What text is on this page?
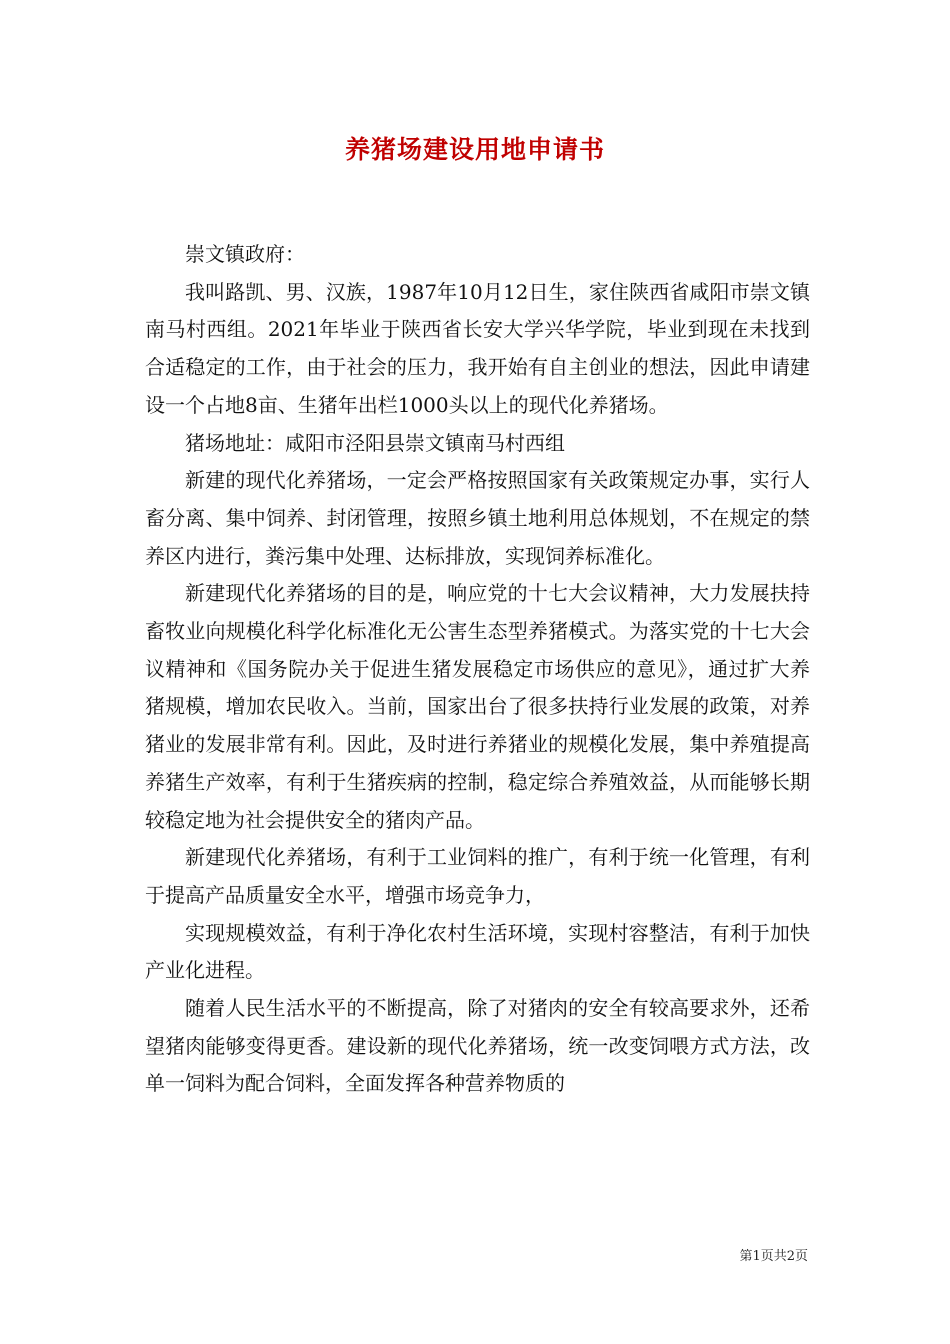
养猪场建设用地申请书

崇文镇政府：

我叫路凯、男、汉族，1987年10月12日生，家住陕西省咸阳市崇文镇南马村西组。2021年毕业于陕西省长安大学兴华学院，毕业到现在未找到合适稳定的工作，由于社会的压力，我开始有自主创业的想法，因此申请建设一个占地8亩、生猪年出栏1000头以上的现代化养猪场。

猪场地址：咸阳市泾阳县崇文镇南马村西组

新建的现代化养猪场，一定会严格按照国家有关政策规定办事，实行人畜分离、集中饲养、封闭管理，按照乡镇土地利用总体规划，不在规定的禁养区内进行，粪污集中处理、达标排放，实现饲养标准化。

新建现代化养猪场的目的是，响应党的十七大会议精神，大力发展扶持畜牧业向规模化科学化标准化无公害生态型养猪模式。为落实党的十七大会议精神和《国务院办关于促进生猪发展稳定市场供应的意见》，通过扩大养猪规模，增加农民收入。当前，国家出台了很多扶持行业发展的政策，对养猪业的发展非常有利。因此，及时进行养猪业的规模化发展，集中养殖提高养猪生产效率，有利于生猪疾病的控制，稳定综合养殖效益，从而能够长期较稳定地为社会提供安全的猪肉产品。

新建现代化养猪场，有利于工业饲料的推广，有利于统一化管理，有利于提高产品质量安全水平，增强市场竞争力，

实现规模效益，有利于净化农村生活环境，实现村容整洁，有利于加快产业化进程。

随着人民生活水平的不断提高，除了对猪肉的安全有较高要求外，还希望猪肉能够变得更香。建设新的现代化养猪场，统一改变饲喂方式方法，改单一饲料为配合饲料，全面发挥各种营养物质的

第1页共2页
